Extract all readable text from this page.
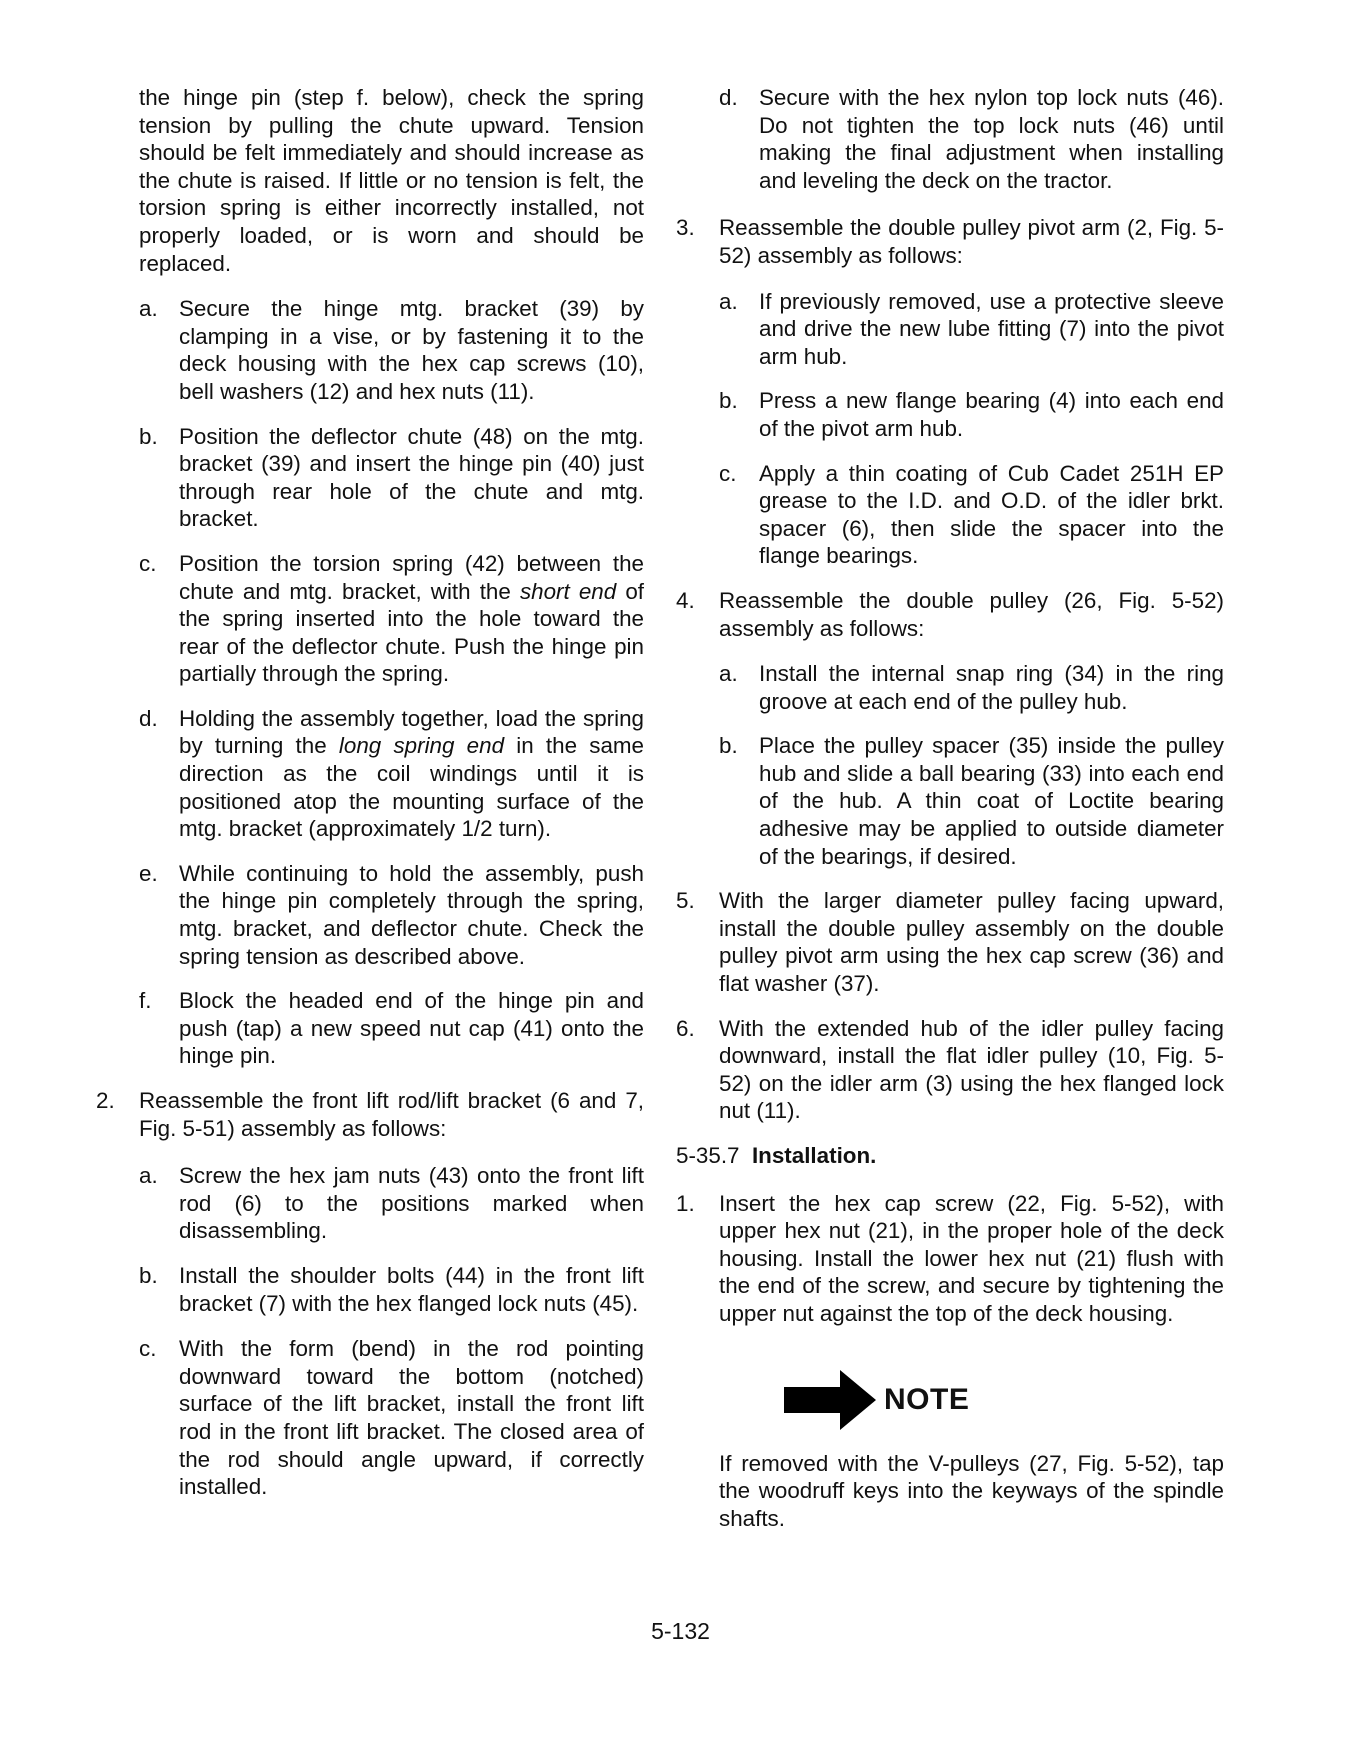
the hinge pin (step f. below), check the spring tension by pulling the chute upward. Tension should be felt immediately and should increase as the chute is raised. If little or no tension is felt, the torsion spring is either incorrectly installed, not properly loaded, or is worn and should be replaced.

a. Secure the hinge mtg. bracket (39) by clamping in a vise, or by fastening it to the deck housing with the hex cap screws (10), bell washers (12) and hex nuts (11).

b. Position the deflector chute (48) on the mtg. bracket (39) and insert the hinge pin (40) just through rear hole of the chute and mtg. bracket.

c. Position the torsion spring (42) between the chute and mtg. bracket, with the short end of the spring inserted into the hole toward the rear of the deflector chute. Push the hinge pin partially through the spring.

d. Holding the assembly together, load the spring by turning the long spring end in the same direction as the coil windings until it is positioned atop the mounting surface of the mtg. bracket (approximately 1/2 turn).

e. While continuing to hold the assembly, push the hinge pin completely through the spring, mtg. bracket, and deflector chute. Check the spring tension as described above.

f. Block the headed end of the hinge pin and push (tap) a new speed nut cap (41) onto the hinge pin.

2. Reassemble the front lift rod/lift bracket (6 and 7, Fig. 5-51) assembly as follows:

a. Screw the hex jam nuts (43) onto the front lift rod (6) to the positions marked when disassembling.

b. Install the shoulder bolts (44) in the front lift bracket (7) with the hex flanged lock nuts (45).

c. With the form (bend) in the rod pointing downward toward the bottom (notched) surface of the lift bracket, install the front lift rod in the front lift bracket. The closed area of the rod should angle upward, if correctly installed.

d. Secure with the hex nylon top lock nuts (46). Do not tighten the top lock nuts (46) until making the final adjustment when installing and leveling the deck on the tractor.

3. Reassemble the double pulley pivot arm (2, Fig. 5-52) assembly as follows:

a. If previously removed, use a protective sleeve and drive the new lube fitting (7) into the pivot arm hub.

b. Press a new flange bearing (4) into each end of the pivot arm hub.

c. Apply a thin coating of Cub Cadet 251H EP grease to the I.D. and O.D. of the idler brkt. spacer (6), then slide the spacer into the flange bearings.

4. Reassemble the double pulley (26, Fig. 5-52) assembly as follows:

a. Install the internal snap ring (34) in the ring groove at each end of the pulley hub.

b. Place the pulley spacer (35) inside the pulley hub and slide a ball bearing (33) into each end of the hub. A thin coat of Loctite bearing adhesive may be applied to outside diameter of the bearings, if desired.

5. With the larger diameter pulley facing upward, install the double pulley assembly on the double pulley pivot arm using the hex cap screw (36) and flat washer (37).

6. With the extended hub of the idler pulley facing downward, install the flat idler pulley (10, Fig. 5-52) on the idler arm (3) using the hex flanged lock nut (11).

5-35.7 Installation.

1. Insert the hex cap screw (22, Fig. 5-52), with upper hex nut (21), in the proper hole of the deck housing. Install the lower hex nut (21) flush with the end of the screw, and secure by tightening the upper nut against the top of the deck housing.

NOTE

If removed with the V-pulleys (27, Fig. 5-52), tap the woodruff keys into the keyways of the spindle shafts.

5-132
